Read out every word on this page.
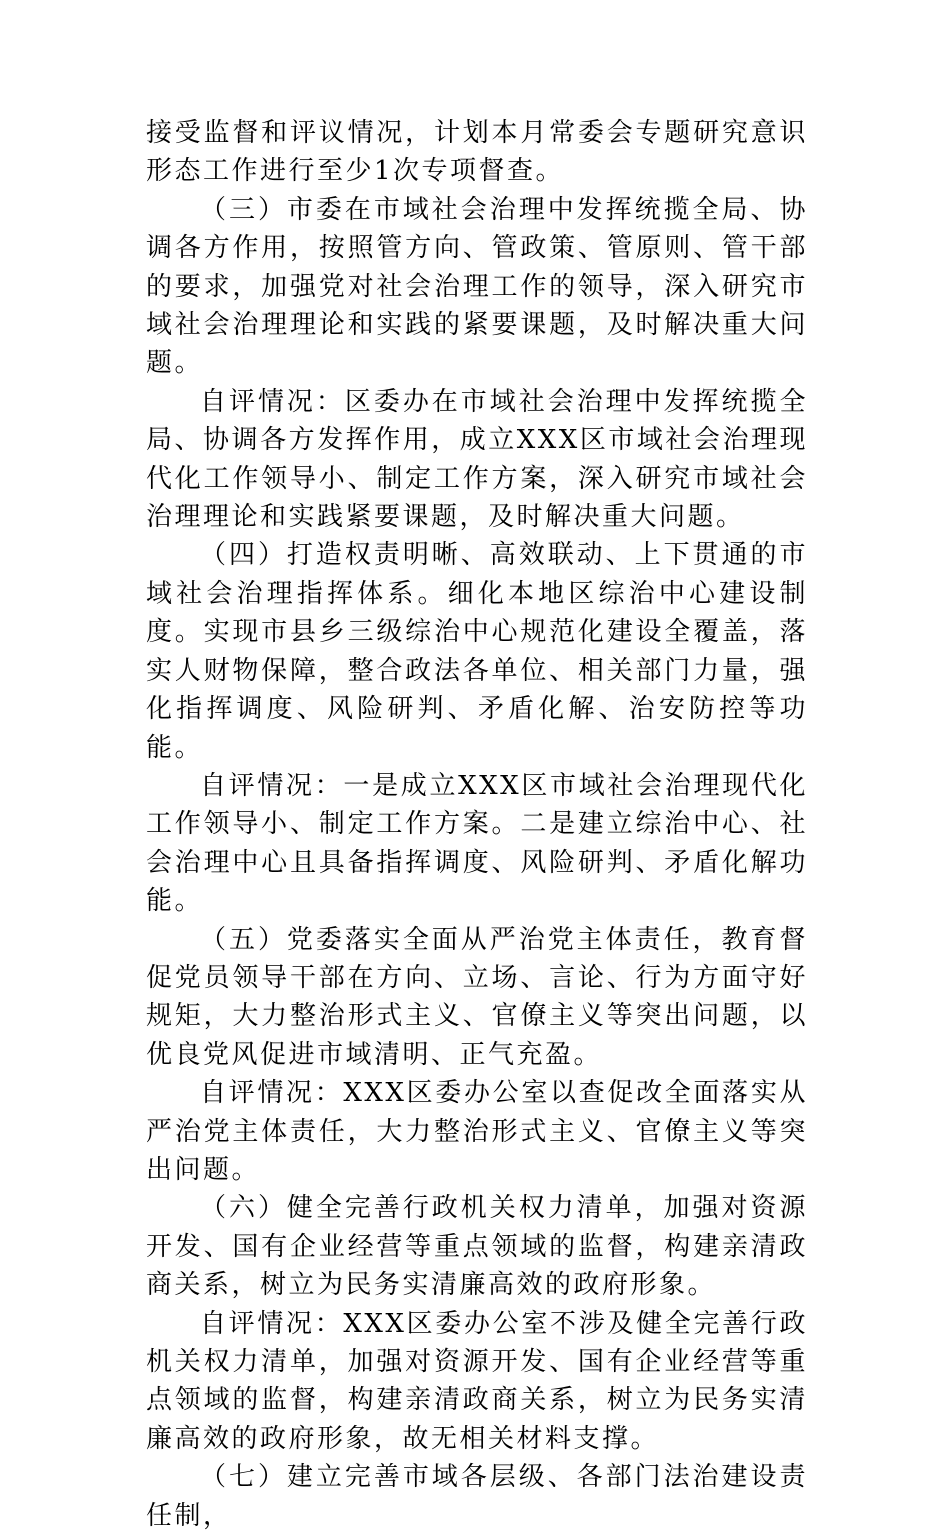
接受监督和评议情况，计划本月常委会专题研究意识形态工作进行至少1次专项督查。

（三）市委在市域社会治理中发挥统揽全局、协调各方作用，按照管方向、管政策、管原则、管干部的要求，加强党对社会治理工作的领导，深入研究市域社会治理理论和实践的紧要课题，及时解决重大问题。

自评情况：区委办在市域社会治理中发挥统揽全局、协调各方发挥作用，成立XXX区市域社会治理现代化工作领导小、制定工作方案，深入研究市域社会治理理论和实践紧要课题，及时解决重大问题。

（四）打造权责明晰、高效联动、上下贯通的市域社会治理指挥体系。细化本地区综治中心建设制度。实现市县乡三级综治中心规范化建设全覆盖，落实人财物保障，整合政法各单位、相关部门力量，强化指挥调度、风险研判、矛盾化解、治安防控等功能。

自评情况：一是成立XXX区市域社会治理现代化工作领导小、制定工作方案。二是建立综治中心、社会治理中心且具备指挥调度、风险研判、矛盾化解功能。

（五）党委落实全面从严治党主体责任，教育督促党员领导干部在方向、立场、言论、行为方面守好规矩，大力整治形式主义、官僚主义等突出问题，以优良党风促进市域清明、正气充盈。

自评情况：XXX区委办公室以查促改全面落实从严治党主体责任，大力整治形式主义、官僚主义等突出问题。

（六）健全完善行政机关权力清单，加强对资源开发、国有企业经营等重点领域的监督，构建亲清政商关系，树立为民务实清廉高效的政府形象。

自评情况：XXX区委办公室不涉及健全完善行政机关权力清单，加强对资源开发、国有企业经营等重点领域的监督，构建亲清政商关系，树立为民务实清廉高效的政府形象，故无相关材料支撑。

（七）建立完善市域各层级、各部门法治建设责任制，
